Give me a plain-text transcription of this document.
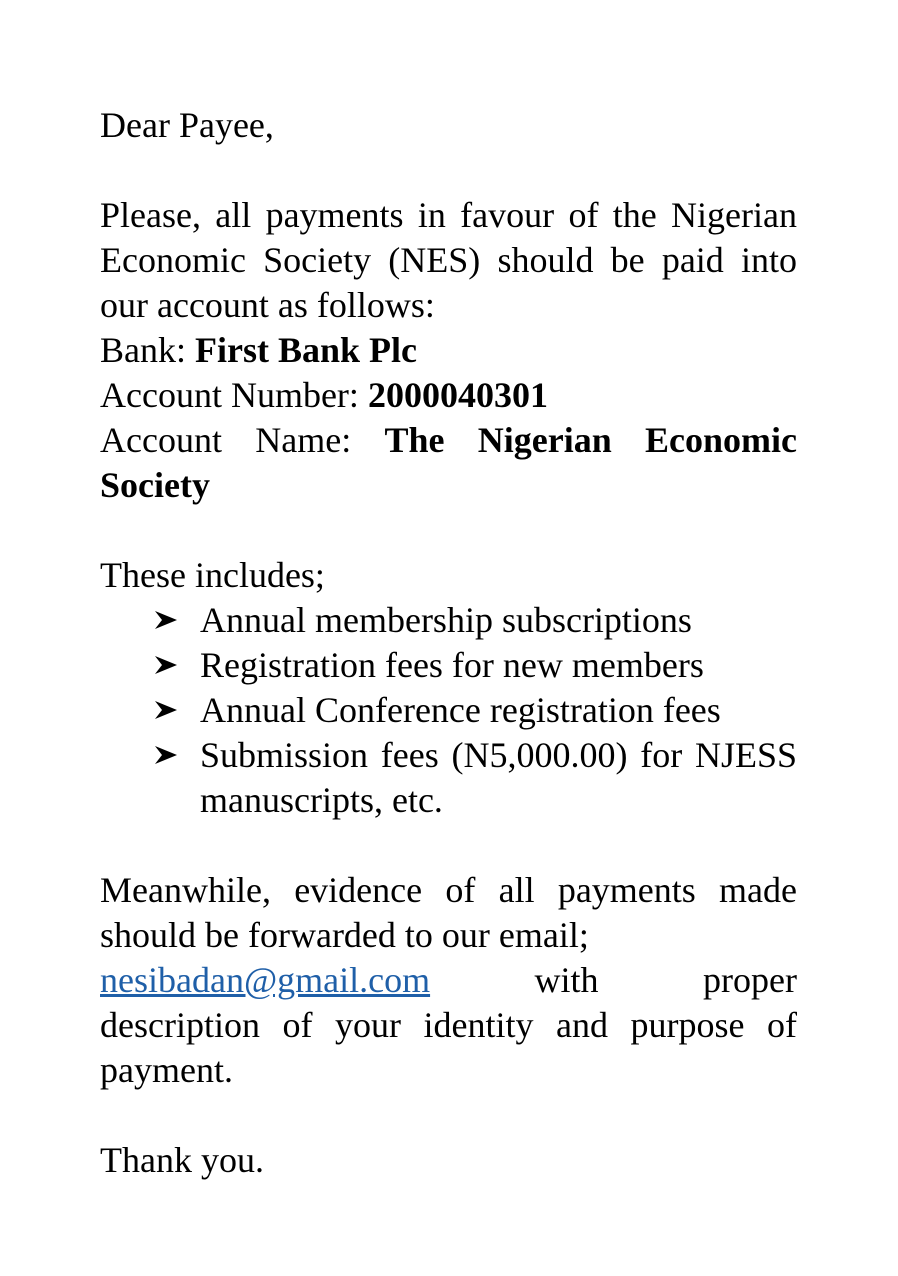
Dear Payee,

Please, all payments in favour of the Nigerian Economic Society (NES) should be paid into our account as follows:

Bank: First Bank Plc

Account Number: 2000040301

Account Name: The Nigerian Economic Society

These includes;

Annual membership subscriptions
Registration fees for new members
Annual Conference registration fees
Submission fees (N5,000.00) for NJESS manuscripts, etc.

Meanwhile, evidence of all payments made should be forwarded to our email;

nesibadan@gmail.com	with	proper

description of your identity and purpose of payment.

Thank you.
